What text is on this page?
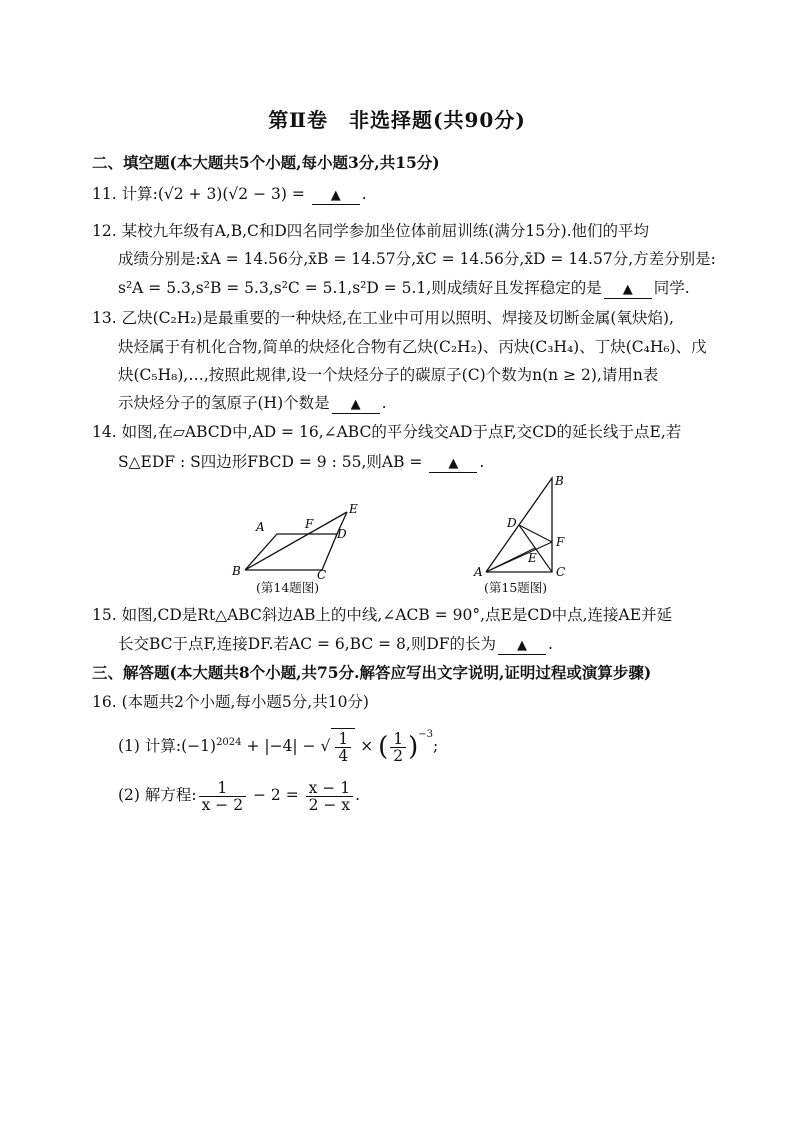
第Ⅱ卷　非选择题(共90分)
二、填空题(本大题共5个小题,每小题3分,共15分)
11. 计算:(√2 + 3)(√2 − 3) = ▲ .
12. 某校九年级有A,B,C和D四名同学参加坐位体前屈训练(满分15分).他们的平均
成绩分别是:x̄A = 14.56分,x̄B = 14.57分,x̄C = 14.56分,x̄D = 14.57分,方差分别是:
s²A = 5.3,s²B = 5.3,s²C = 5.1,s²D = 5.1,则成绩好且发挥稳定的是 ▲ 同学.
13. 乙炔(C₂H₂)是最重要的一种炔烃,在工业中可用以照明、焊接及切断金属(氧炔焰),
炔烃属于有机化合物,简单的炔烃化合物有乙炔(C₂H₂)、丙炔(C₃H₄)、丁炔(C₄H₆)、戊
炔(C₅H₈),…,按照此规律,设一个炔烃分子的碳原子(C)个数为n(n ≥ 2),请用n表
示炔烃分子的氢原子(H)个数是 ▲ .
14. 如图,在▱ABCD中,AD = 16,∠ABC的平分线交AD于点F,交CD的延长线于点E,若
S△EDF : S四边形FBCD = 9 : 55,则AB = ▲ .
A	F
E
D
B	C
(第14题图)
B
D
F
E
A	C
(第15题图)
15. 如图,CD是Rt△ABC斜边AB上的中线,∠ACB = 90°,点E是CD中点,连接AE并延
长交BC于点F,连接DF.若AC = 6,BC = 8,则DF的长为 ▲ .
三、解答题(本大题共8个小题,共75分.解答应写出文字说明,证明过程或演算步骤)
16. (本题共2个小题,每小题5分,共10分)
(1) 计算$:(-1)^{2024} + |-4|$ − √ $\frac{1}{4}$ × ( $\frac{1}{2} )^{-3}$;
(2) 解方程: $\frac{1}{x - 2} - 2 = \frac{x - 1}{2 - x}$ .
